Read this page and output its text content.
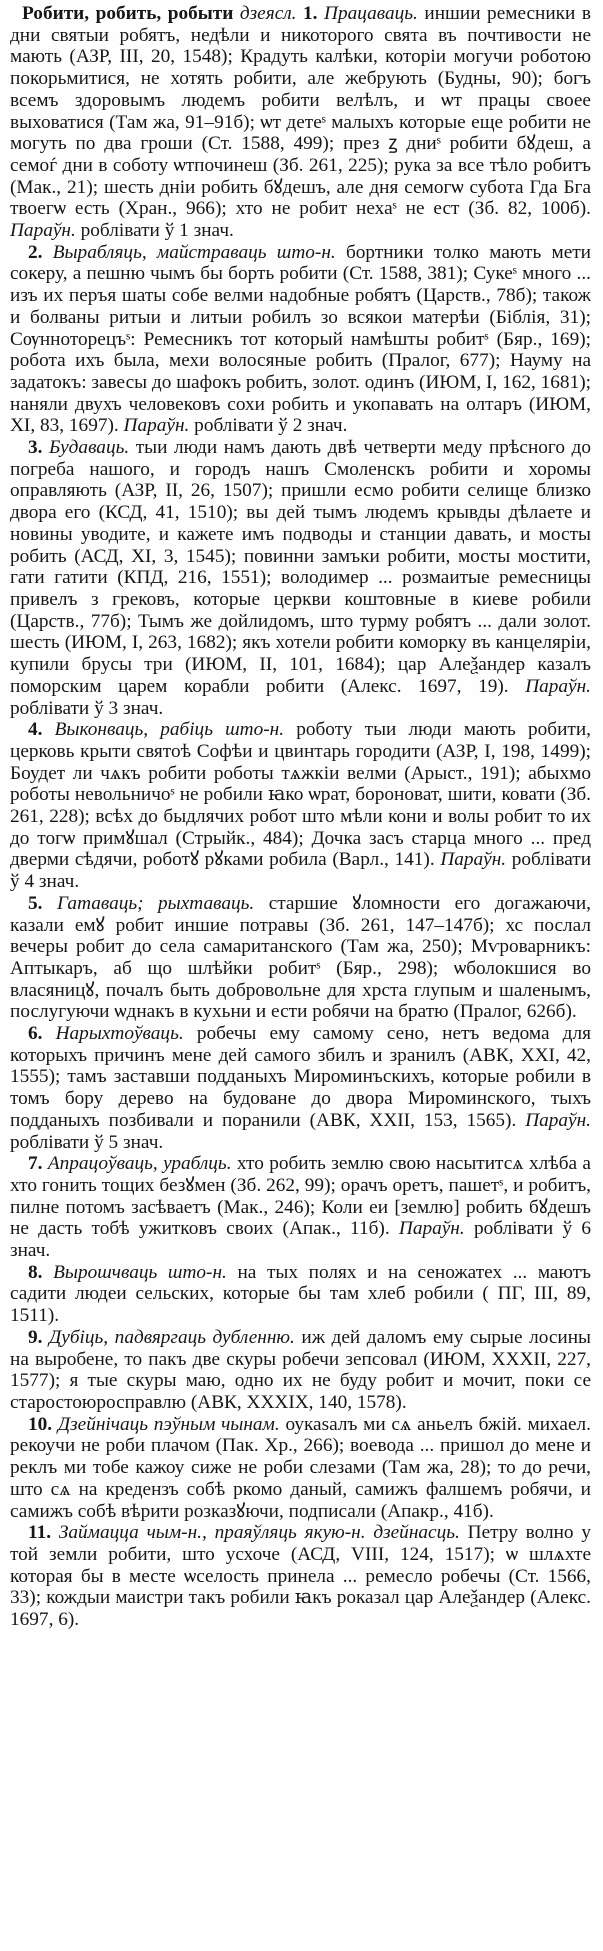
Робити, робить, робыти дзеясл. 1. Працаваць. иншии ремесники в дни святыи робятъ, недѣли и никоторого свята въ почтивости не мають (АЗР, III, 20, 1548); Крадуть калѣки, которіи могучи роботою покорьмитися, не хотять робити, але жебрують (Будны, 90); богъ всемъ здоровымъ людемъ робити велѣлъ, и ѡт працы своее выховатися (Там жа, 91–91б); ѡт детеˢ малыхъ которые еще робити не могуть по два гроши (Ст. 1588, 499); през ꙁ дниˢ робити бꙋдеш, а семоѓ дни в соботу ѡтпочинеш (Зб. 261, 225); рука за все тѣло робитъ (Мак., 21); шесть днiи робить бꙋдешъ, але дня семогѡ субота Гда Бга твоегѡ есть (Хран., 966); хто не робит нехаˢ не ест (Зб. 82, 100б). Параўн. роблівати ў 1 знач.

2. Вырабляць, майстраваць што-н. бортники толко мають мети сокеру, а пешню чымъ бы борть робити (Ст. 1588, 381); Сукеˢ много ... изъ их перъя шаты собе велми надобные робятъ (Царств., 78б); також и болваны ритыи и литыи робилъ зо всякои матерѣи (Біблія, 31); Сѹнноторецъˢ: Ремесникъ тот который намѣшты робитˢ (Бяр., 169); робота ихъ была, мехи волосяные робить (Пралог, 677); Науму на задатокъ: завесы до шафокъ робить, золот. одинъ (ИЮМ, I, 162, 1681); наняли двухъ человековъ сохи робить и укопавать на олтаръ (ИЮМ, XI, 83, 1697). Параўн. роблівати ў 2 знач.

3. Будаваць. тыи люди намъ дають двѣ четверти меду прѣсного до погреба нашого, и городъ нашъ Смоленскъ робити и хоромы оправляють (АЗР, II, 26, 1507); пришли есмо робити селище близко двора его (КСД, 41, 1510); вы дей тымъ людемъ крывды дѣлаете и новины уводите, и кажете имъ подводы и станции давать, и мосты робить (АСД, XI, 3, 1545); повинни замъки робити, мосты мостити, гати гатити (КПД, 216, 1551); володимер ... розмаитые ремесницы привелъ з грековъ, которые церкви коштовные в киеве робили (Царств., 77б); Тымъ же дойлидомъ, што турму робятъ ... дали золот. шесть (ИЮМ, I, 263, 1682); якъ хотели робити коморку въ канцеляріи, купили брусы три (ИЮМ, II, 101, 1684); цар Алеѯандер казалъ поморским царем корабли робити (Алекс. 1697, 19). Параўн. роблівати ў 3 знач.

4. Выконваць, рабіць што-н. роботу тыи люди мають робити, церковь крыти святоѣ Софѣи и цвинтарь городити (АЗР, I, 198, 1499); Боудет ли чѧкъ робити роботы тѧжкiи велми (Арыст., 191); абыхмо роботы невольничоˢ не робили ꙗко ѡрат, бороноват, шити, ковати (Зб. 261, 228); всѣх до быдлячих робот што мѣли кони и волы робит то их до тогѡ примꙋшал (Стрыйк., 484); Дочка засъ старца много ... пред дверми сѣдячи, роботꙋ рꙋками робила (Варл., 141). Параўн. роблівати ў 4 знач.

5. Гатаваць; рыхтаваць. старшие ꙋломности его догажаючи, казали емꙋ робит иншие потравы (Зб. 261, 147–147б); хс послал вечеры робит до села самаританского (Там жа, 250); Мѵроварникъ: Аптыкаръ, аб що шлѣйки робитˢ (Бяр., 298); ѡболокшися во власяницꙋ, почалъ быть добровольне для хрста глупым и шаленымъ, послугуючи ѡднакъ в кухьни и ести робячи на братю (Пралог, 626б).

6. Нарыхтоўваць. робечы ему самому сено, нетъ ведома для которыхъ причинъ мене дей самого збилъ и зранилъ (АВК, XXI, 42, 1555); тамъ заставши подданыхъ Мироминъскихъ, которые робили в томъ бору дерево на будоване до двора Мироминского, тыхъ подданыхъ позбивали и поранили (АВК, XXII, 153, 1565). Параўн. роблівати ў 5 знач.

7. Апрацоўваць, ураблць. хто робить землю свою насытитсѧ хлѣба а хто гонить тощих безꙋмен (Зб. 262, 99); орачъ оретъ, пашетˢ, и робитъ, пилне потомъ засѣваетъ (Мак., 246); Коли еи [землю] робить бꙋдешъ не дасть тобѣ ужитковъ своих (Апак., 11б). Параўн. роблівати ў 6 знач.

8. Вырошчваць што-н. на тых полях и на сеножатех ... маютъ садити людеи сельских, которые бы там хлеб робили ( ПГ, III, 89, 1511).

9. Дубіць, падвяргаць дубленню. иж дей даломъ ему сырые лосины на выробене, то пакъ две скуры робечи зепсовал (ИЮМ, XXXII, 227, 1577); я тые скуры маю, одно их не буду робит и мочит, поки се старостоюросправлю (АВК, XXXIX, 140, 1578).

10. Дзейнічаць пэўным чынам. оукаѕалъ ми сѧ аньелъ бжій. михаел. рекоучи не роби плачом (Пак. Хр., 266); воевода ... пришол до мене и реклъ ми тобе кажоу сиже не роби слезами (Там жа, 28); то до речи, што сѧ на кредензъ собѣ ркомо даный, самижъ фалшемъ робячи, и самижъ собѣ вѣрити розказꙋючи, подписали (Апакр., 41б).

11. Займацца чым-н., праяўляць якую-н. дзейнасць. Петру волно у той земли робити, што усхоче (АСД, VIII, 124, 1517); ѡ шлѧхте которая бы в месте ѡселость принела ... ремесло робечы (Ст. 1566, 33); кождыи маистри такъ робили ꙗкъ роказал цар Алеѯандер (Алекс. 1697, 6).
